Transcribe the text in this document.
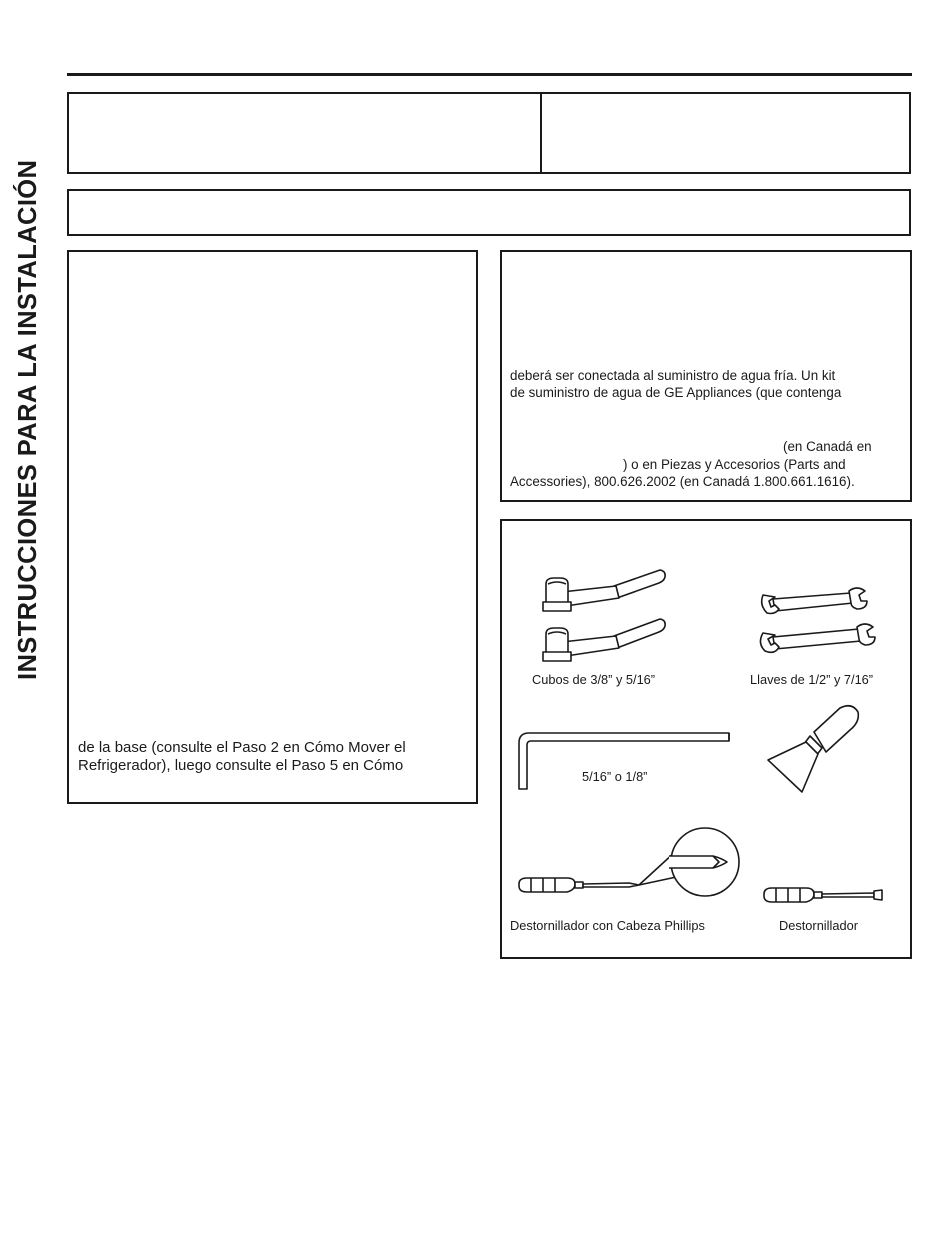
INSTRUCCIONES PARA LA INSTALACIÓN
de la base (consulte el Paso 2 en Cómo Mover el
Refrigerador), luego consulte el Paso 5 en Cómo
deberá ser conectada al suministro de agua fría. Un kit
de suministro de agua de GE Appliances (que contenga
(en Canadá en
) o en Piezas y Accesorios (Parts and
Accessories), 800.626.2002 (en Canadá 1.800.661.1616).
Cubos de 3/8” y 5/16”	Llaves de 1/2” y 7/16”
5/16” o 1/8”
Destornillador con Cabeza Phillips	Destornillador
